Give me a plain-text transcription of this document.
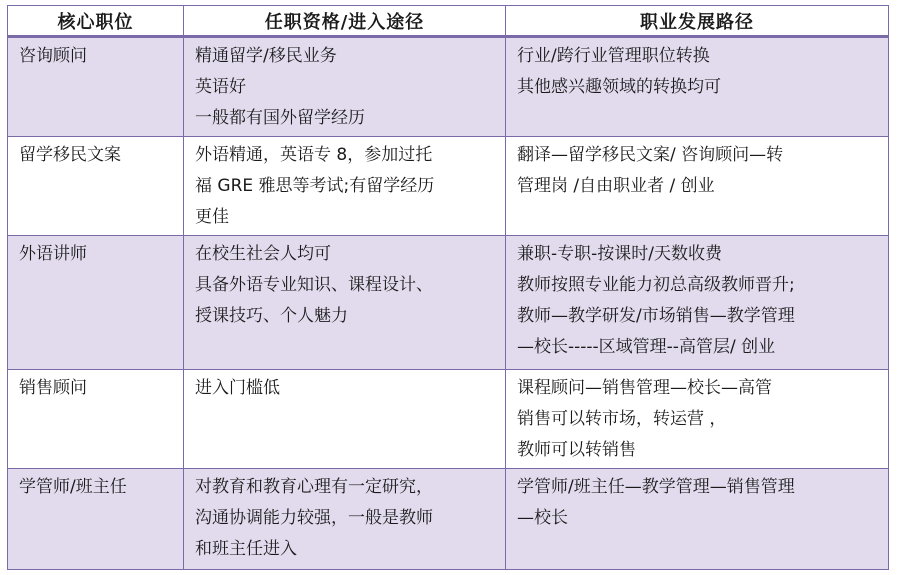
核心职位	任职资格/进入途径	职业发展路径

咨询顾问	精通留学/移民业务
英语好
一般都有国外留学经历	行业/跨行业管理职位转换
其他感兴趣领域的转换均可

留学移民文案	外语精通，英语专 8，参加过托
福 GRE 雅思等考试;有留学经历
更佳	翻译—留学移民文案/ 咨询顾问—转
管理岗 /自由职业者 / 创业

外语讲师	在校生社会人均可
具备外语专业知识、课程设计、
授课技巧、个人魅力	兼职-专职-按课时/天数收费
教师按照专业能力初总高级教师晋升;
教师—教学研发/市场销售—教学管理
—校长-----区域管理--高管层/ 创业

销售顾问	进入门槛低	课程顾问—销售管理—校长—高管
销售可以转市场，转运营 ，
教师可以转销售

学管师/班主任	对教育和教育心理有一定研究，
沟通协调能力较强，一般是教师
和班主任进入	学管师/班主任—教学管理—销售管理
—校长
